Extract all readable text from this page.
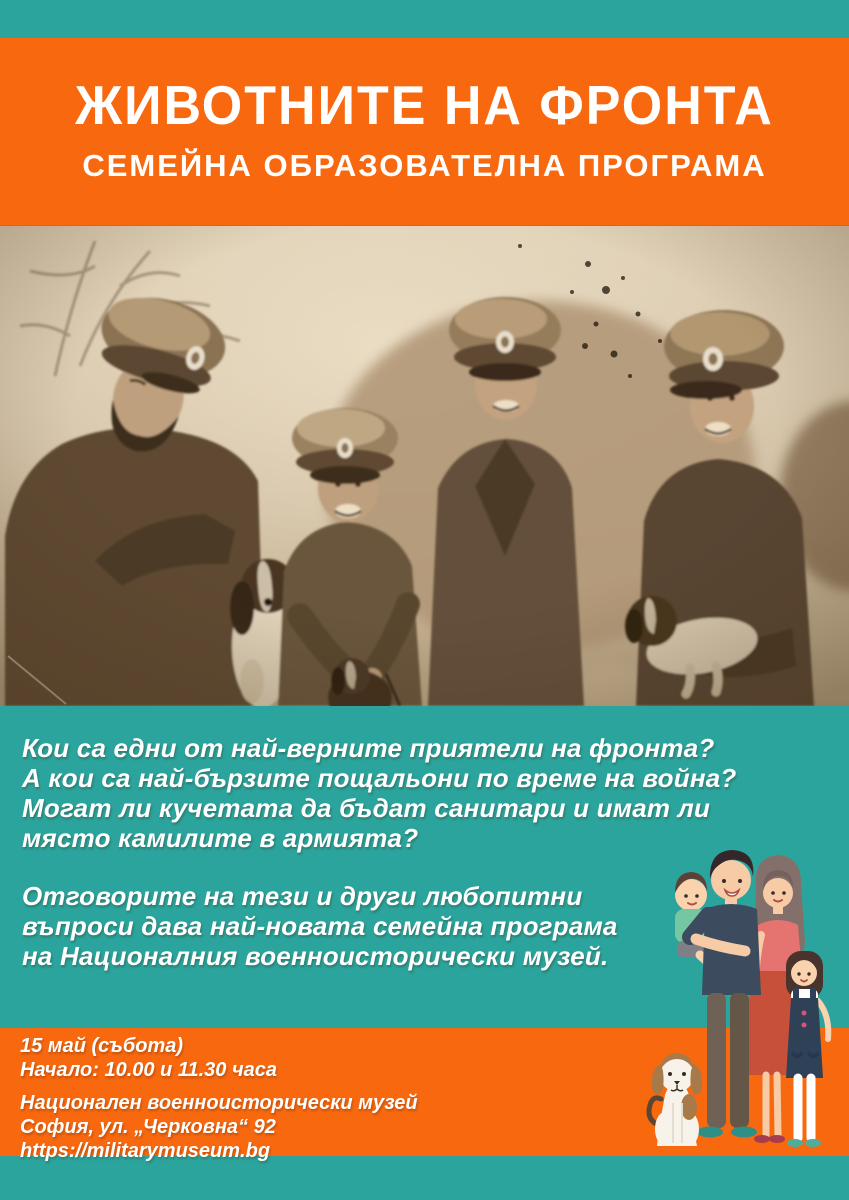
ЖИВОТНИТЕ НА ФРОНТА
СЕМЕЙНА ОБРАЗОВАТЕЛНА ПРОГРАМА
Кои са едни от най-верните приятели на фронта?
А кои са най-бързите пощальони по време на война?
Могат ли кучетата да бъдат санитари и имат ли
място камилите в армията?
Отговорите на тези и други любопитни
въпроси дава най-новата семейна програма
на Националния военноисторически музей.
15 май (събота)
Начало: 10.00 и 11.30 часа
Национален военноисторически музей
София, ул. „Черковна“ 92
https://militarymuseum.bg
